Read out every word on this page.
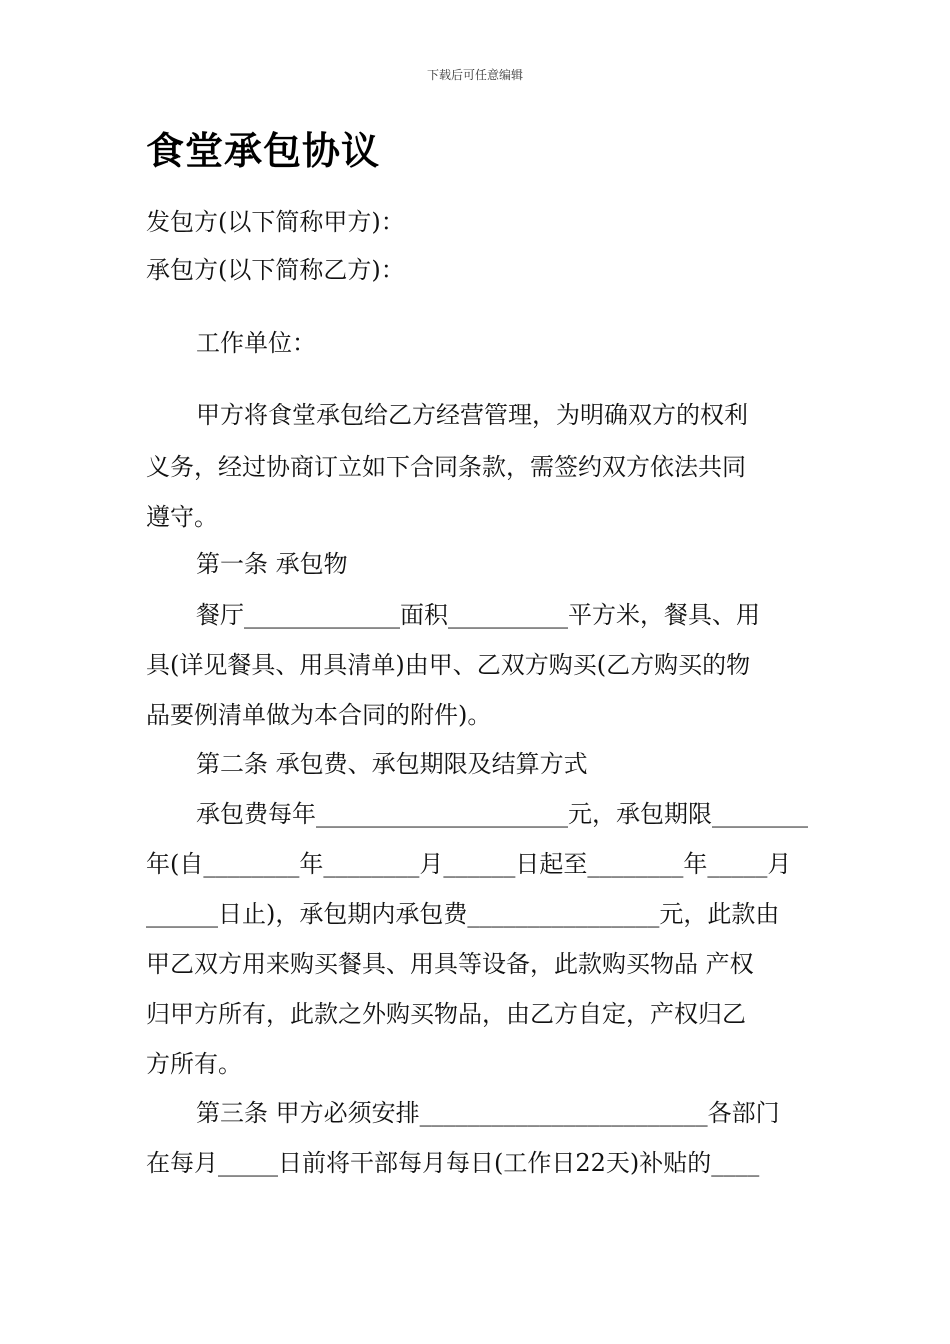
下载后可任意编辑
食堂承包协议
发包方(以下简称甲方)：
承包方(以下简称乙方)：
工作单位：
甲方将食堂承包给乙方经营管理，为明确双方的权利
义务，经过协商订立如下合同条款，需签约双方依法共同
遵守。
第一条 承包物
餐厅_____________面积__________平方米，餐具、用
具(详见餐具、用具清单)由甲、乙双方购买(乙方购买的物
品要例清单做为本合同的附件)。
第二条 承包费、承包期限及结算方式
承包费每年_____________________元，承包期限________
年(自________年________月______日起至________年_____月
______日止)，承包期内承包费________________元，此款由
甲乙双方用来购买餐具、用具等设备，此款购买物品 产权
归甲方所有，此款之外购买物品，由乙方自定，产权归乙
方所有。
第三条 甲方必须安排________________________各部门
在每月_____日前将干部每月每日(工作日22天)补贴的____
